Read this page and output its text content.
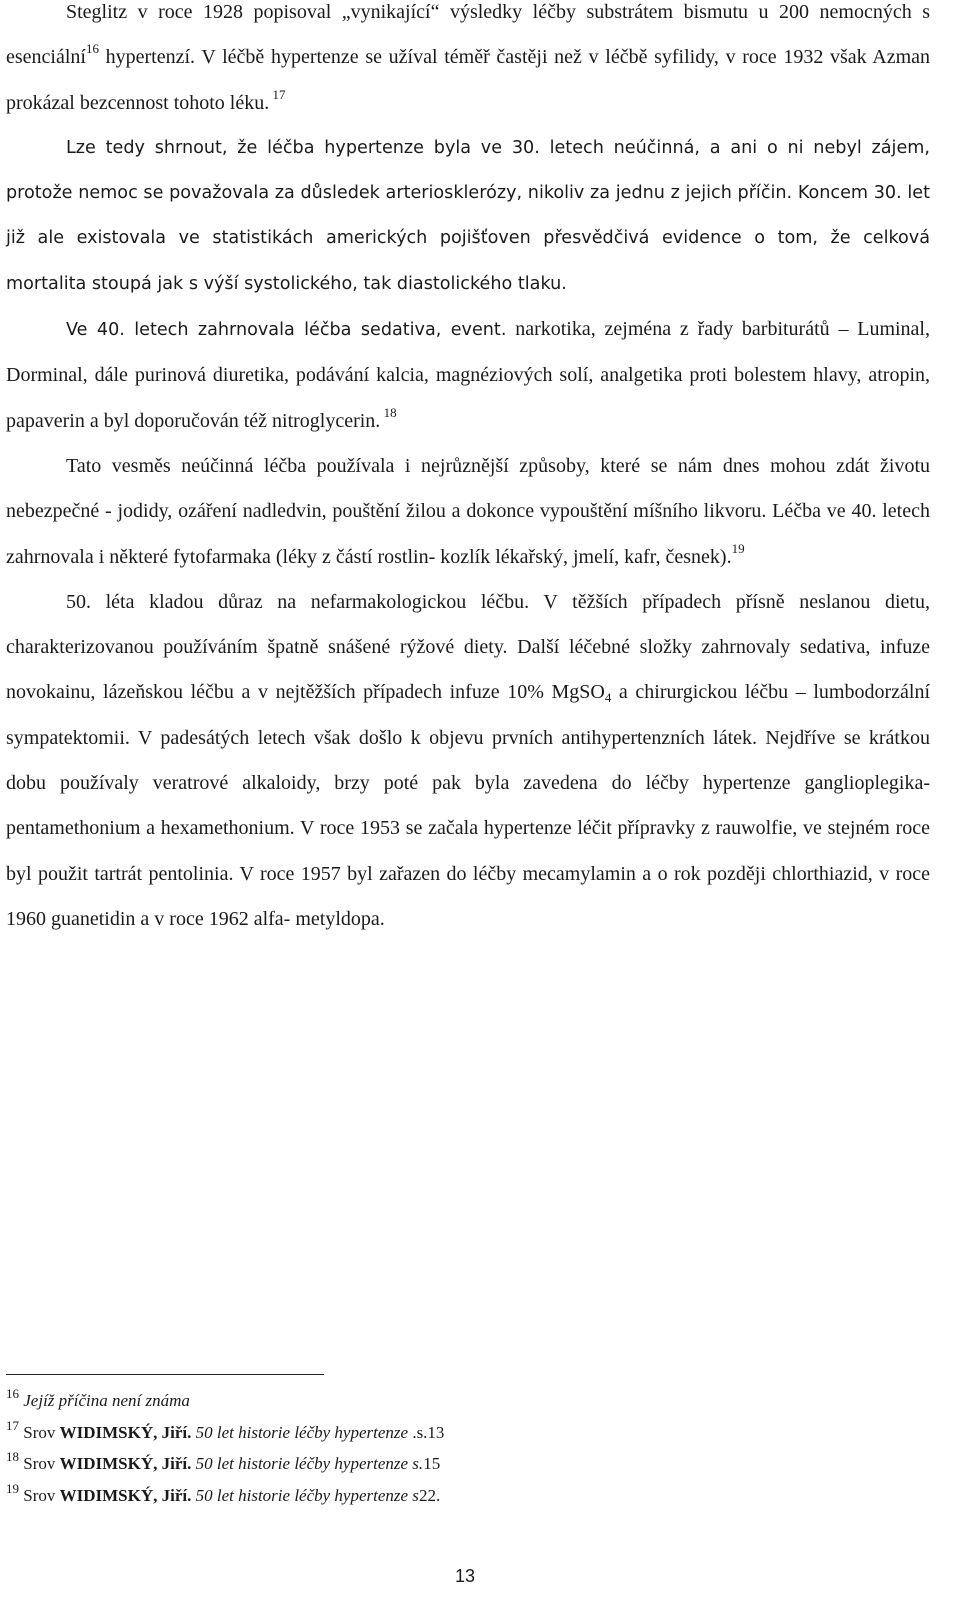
Steglitz v roce 1928 popisoval „vynikající“ výsledky léčby substrátem bismutu u 200 nemocných s esenciální$^{16}$ hypertenzí. V léčbě hypertenze se užíval téměř častěji než v léčbě syfilidy, v roce 1932 však Azman prokázal bezcennost tohoto léku. $^{17}$

Lze tedy shrnout, že léčba hypertenze byla ve 30. letech neúčinná, a ani o ni nebyl zájem, protože nemoc se považovala za důsledek arteriosklerózy, nikoliv za jednu z jejich příčin. Koncem 30. let již ale existovala ve statistikách amerických pojišťoven přesvědčivá evidence o tom, že celková mortalita stoupá jak s výší systolického, tak diastolického tlaku.

Ve 40. letech zahrnovala léčba sedativa, event. narkotika, zejména z řady barbiturátů – Luminal, Dorminal, dále purinová diuretika, podávání kalcia, magnéziových solí, analgetika proti bolestem hlavy, atropin, papaverin a byl doporučován též nitroglycerin. $^{18}$

Tato vesměs neúčinná léčba používala i nejrůznější způsoby, které se nám dnes mohou zdát životu nebezpečné - jodidy, ozáření nadledvin, pouštění žilou a dokonce vypouštění míšního likvoru. Léčba ve 40. letech zahrnovala i některé fytofarmaka (léky z částí rostlin- kozlík lékařský, jmelí, kafr, česnek).$^{19}$

50. léta kladou důraz na nefarmakologickou léčbu. V těžších případech přísně neslanou dietu, charakterizovanou používáním špatně snášené rýžové diety. Další léčebné složky zahrnovaly sedativa, infuze novokainu, lázeňskou léčbu a v nejtěžších případech infuze 10% MgSO$_4$ a chirurgickou léčbu – lumbodorzální sympatektomii. V padesátých letech však došlo k objevu prvních antihypertenzních látek. Nejdříve se krátkou dobu používaly veratrové alkaloidy, brzy poté pak byla zavedena do léčby hypertenze ganglioplegika- pentamethonium a hexamethonium. V roce 1953 se začala hypertenze léčit přípravky z rauwolfie, ve stejném roce byl použit tartrát pentolinia. V roce 1957 byl zařazen do léčby mecamylamin a o rok později chlorthiazid, v roce 1960 guanetidin a v roce 1962 alfa- metyldopa.

$^{16}$ Jejíž příčina není známa

$^{17}$ Srov WIDIMSKÝ, Jiří. 50 let historie léčby hypertenze .s.13

$^{18}$ Srov WIDIMSKÝ, Jiří. 50 let historie léčby hypertenze s.15

$^{19}$ Srov WIDIMSKÝ, Jiří. 50 let historie léčby hypertenze s22.

13
